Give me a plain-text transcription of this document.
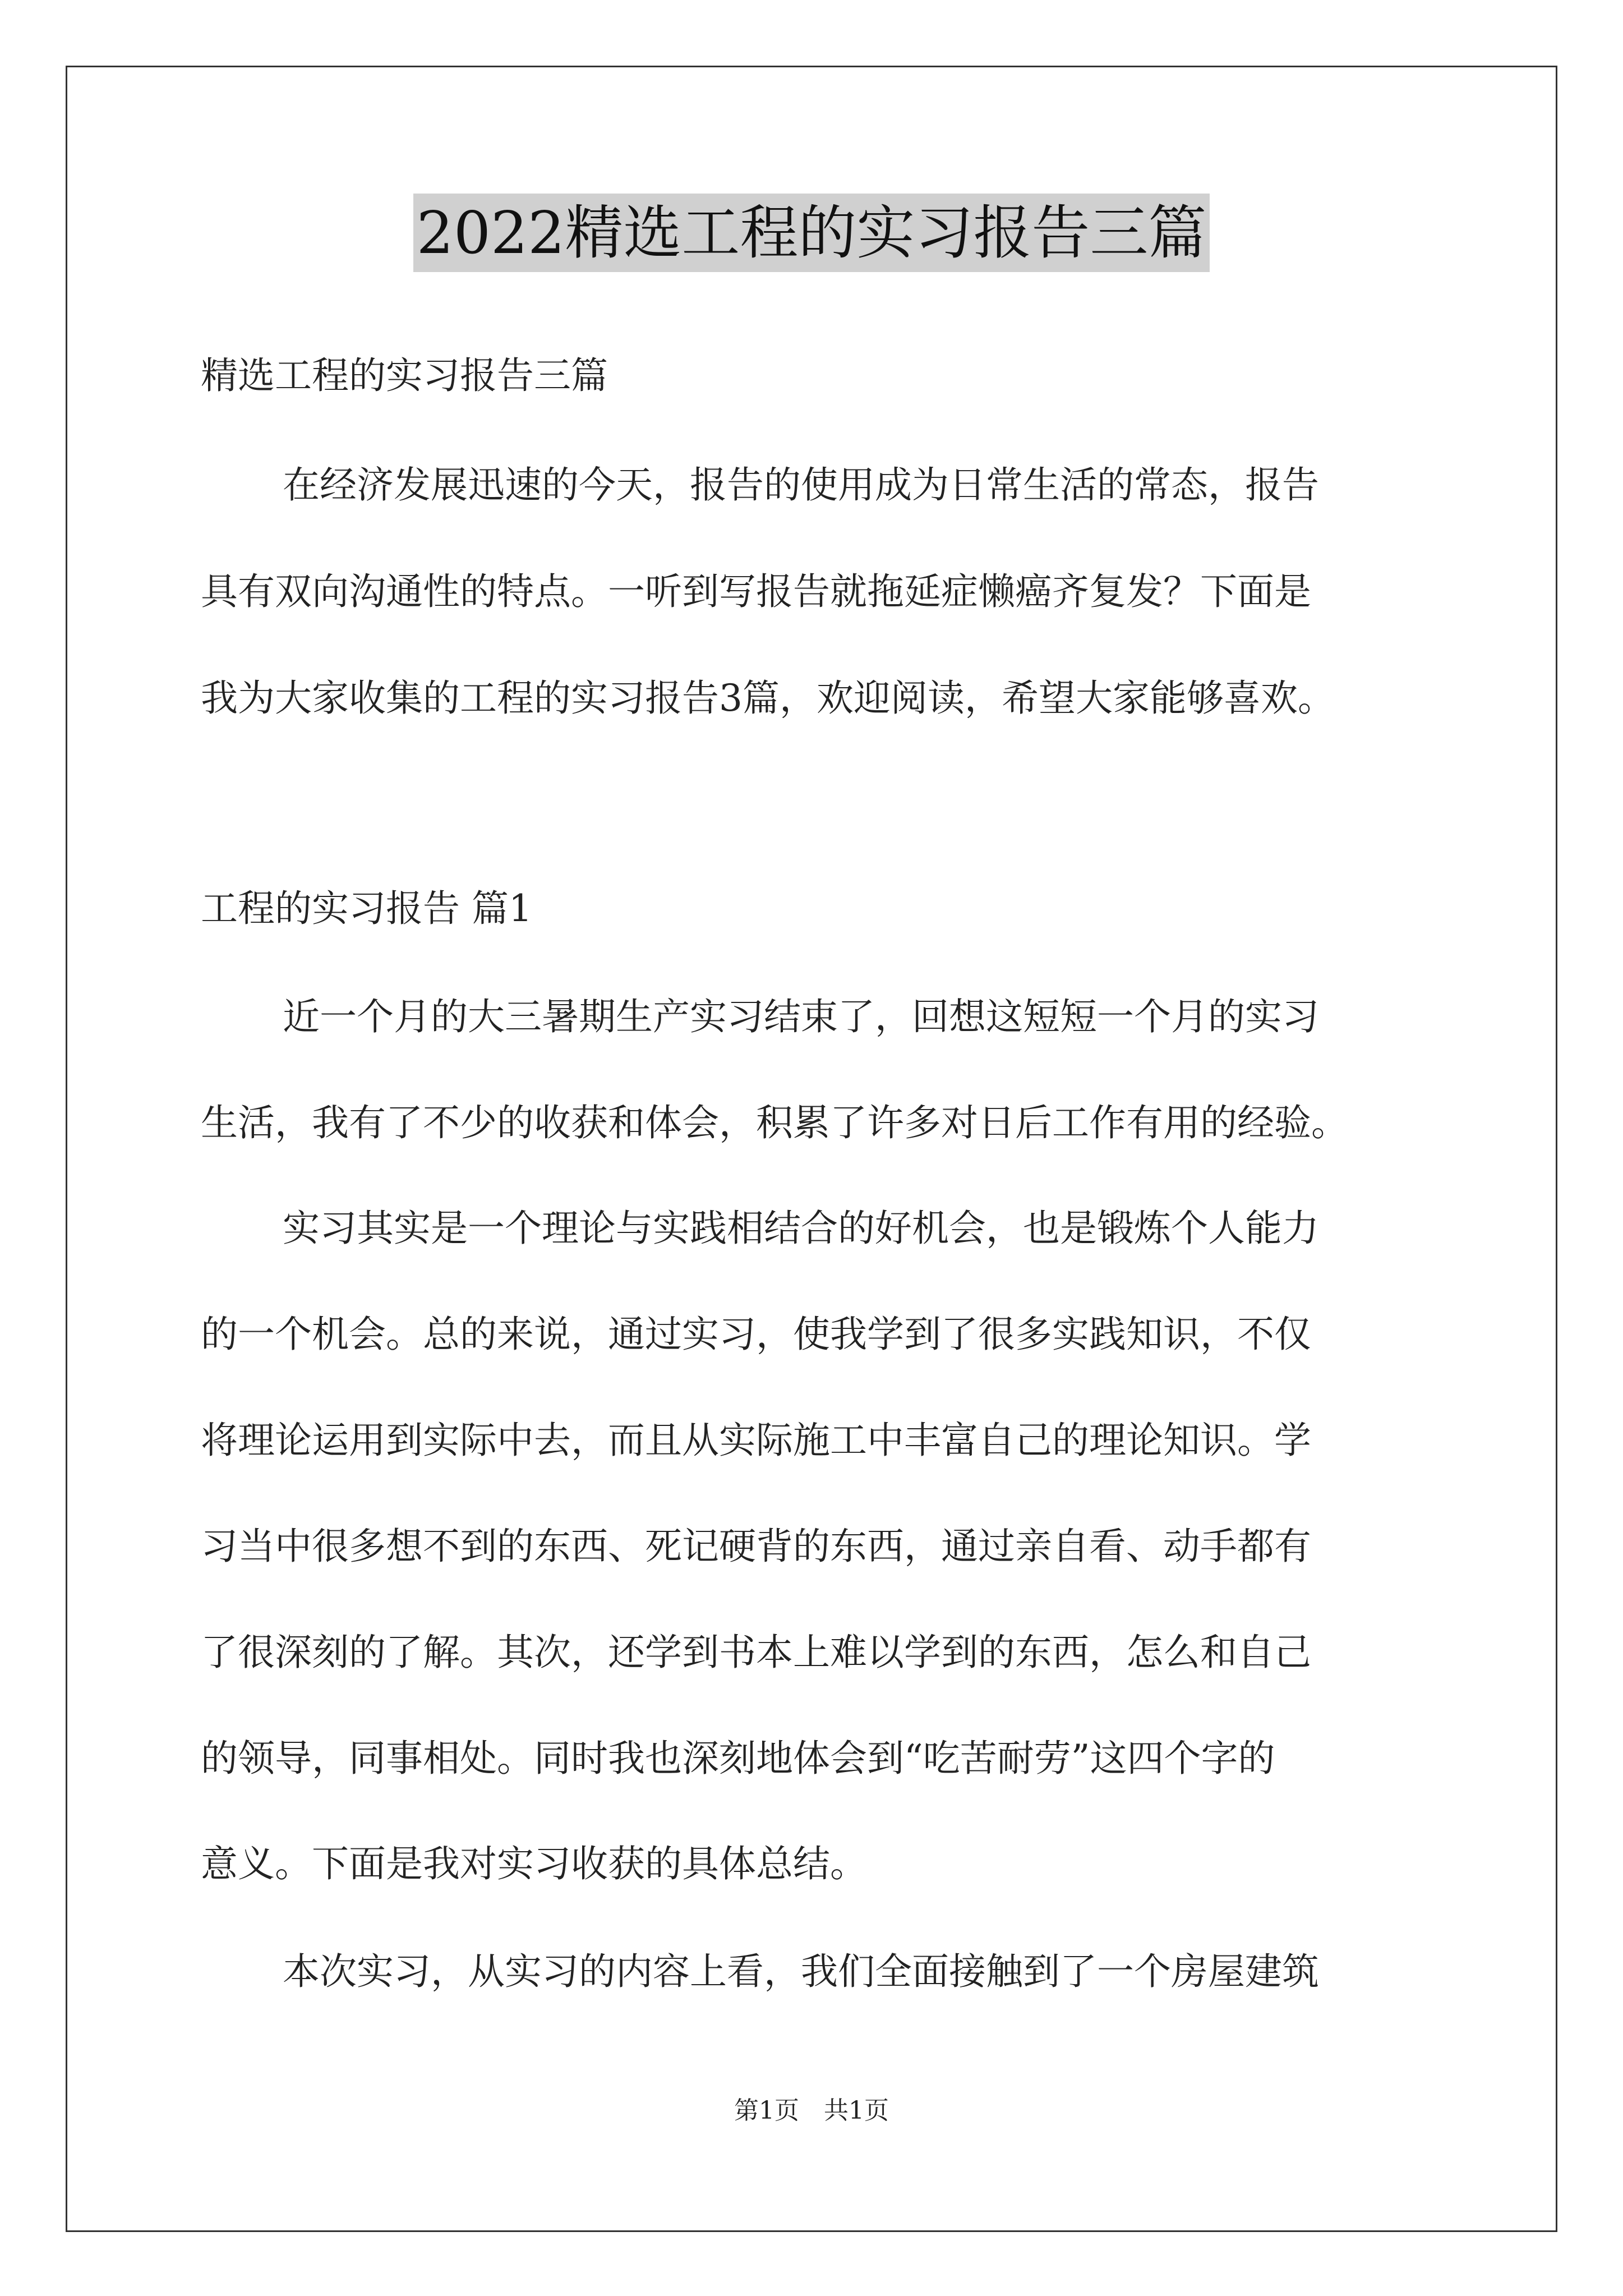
2022精选工程的实习报告三篇
精选工程的实习报告三篇
在经济发展迅速的今天，报告的使用成为日常生活的常态，报告
具有双向沟通性的特点。一听到写报告就拖延症懒癌齐复发？下面是
我为大家收集的工程的实习报告3篇，欢迎阅读，希望大家能够喜欢。
工程的实习报告 篇1
近一个月的大三暑期生产实习结束了，回想这短短一个月的实习
生活，我有了不少的收获和体会，积累了许多对日后工作有用的经验。
实习其实是一个理论与实践相结合的好机会，也是锻炼个人能力
的一个机会。总的来说，通过实习，使我学到了很多实践知识，不仅
将理论运用到实际中去，而且从实际施工中丰富自己的理论知识。学
习当中很多想不到的东西、死记硬背的东西，通过亲自看、动手都有
了很深刻的了解。其次，还学到书本上难以学到的东西，怎么和自己
的领导，同事相处。同时我也深刻地体会到“吃苦耐劳”这四个字的
意义。下面是我对实习收获的具体总结。
本次实习，从实习的内容上看，我们全面接触到了一个房屋建筑
第1页　共1页
